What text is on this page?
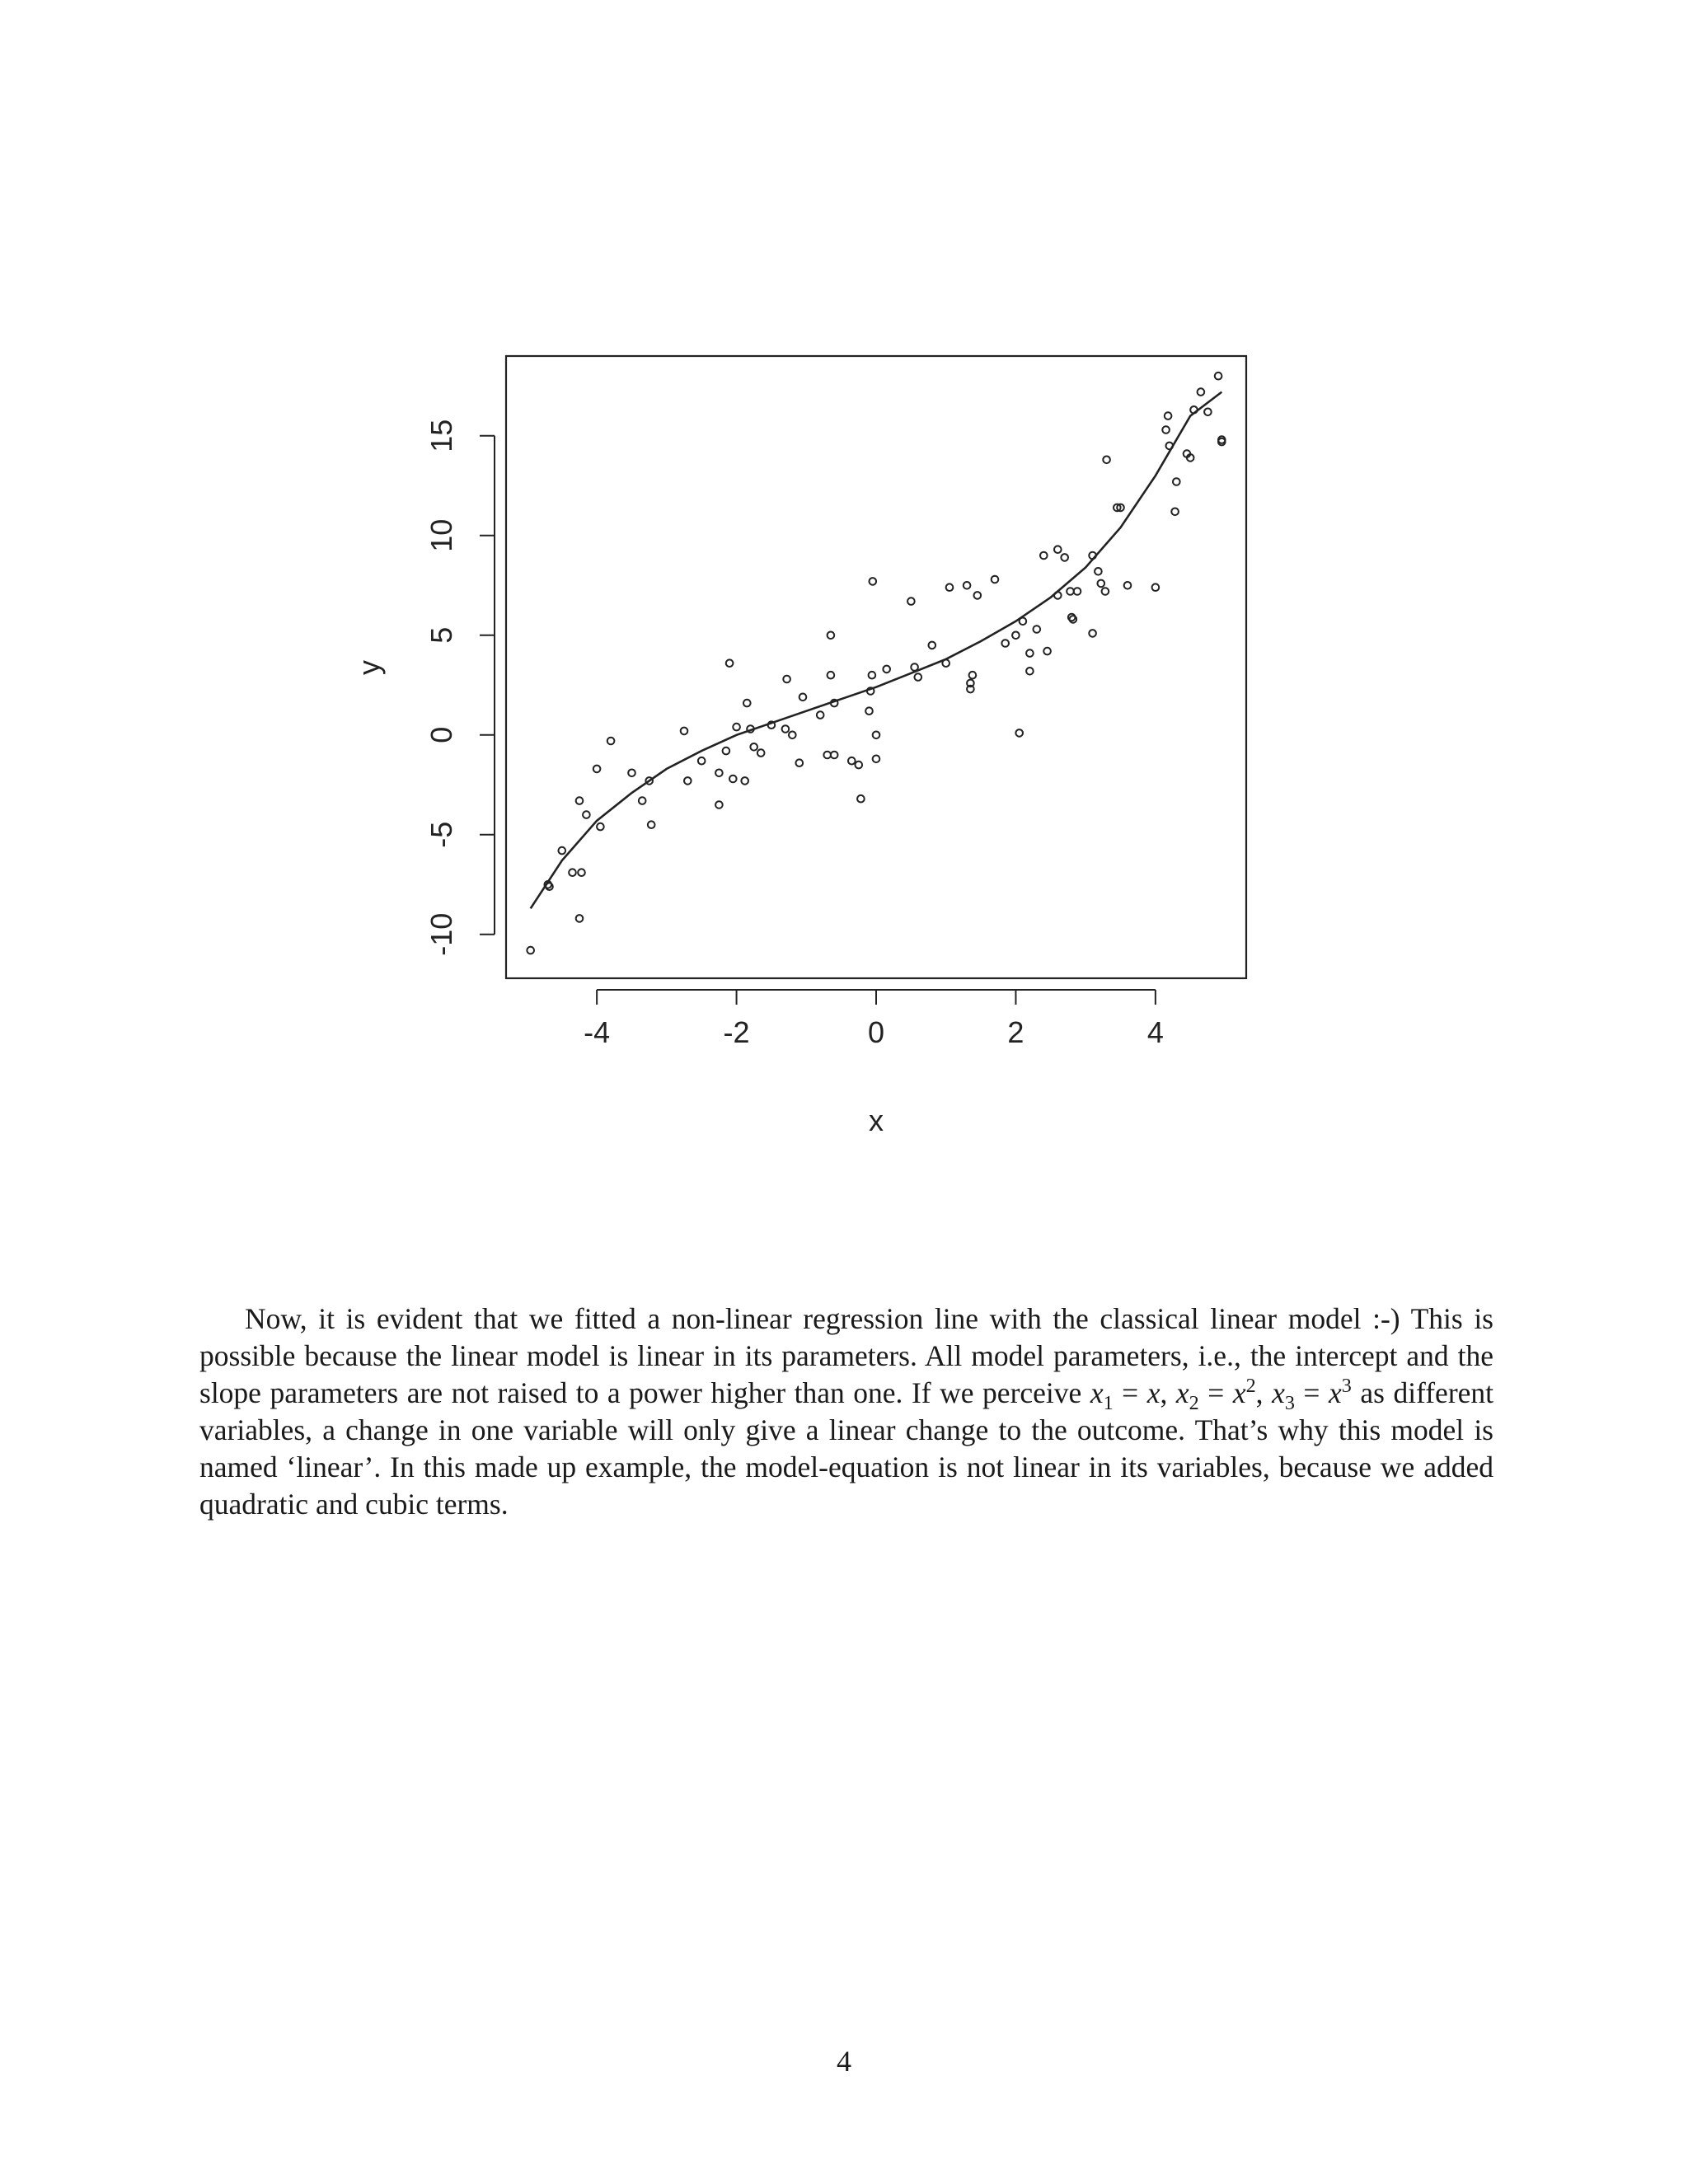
-4	-2	0	2	4
-10
-5
0
5
10
15
x
y

Now, it is evident that we fitted a non-linear regression line with the classical linear model :-) This is possible because the linear model is linear in its parameters. All model parameters, i.e., the intercept and the slope parameters are not raised to a power higher than one. If we perceive $x_1 = x$, $x_2 = x^2$, $x_3 = x^3$ as different variables, a change in one variable will only give a linear change to the outcome. That’s why this model is named ‘linear’. In this made up example, the model-equation is not linear in its variables, because we added quadratic and cubic terms.

4
